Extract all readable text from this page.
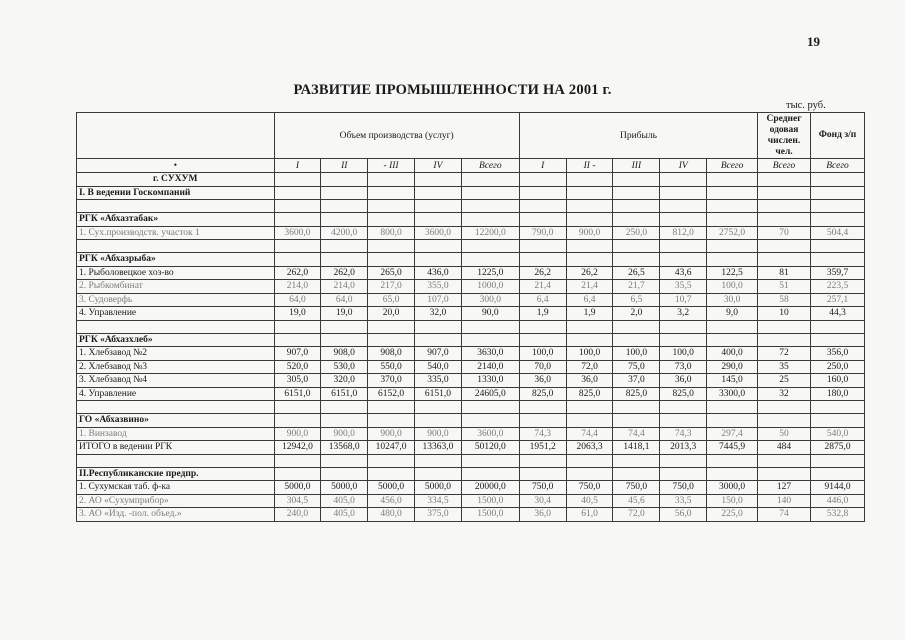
19
РАЗВИТИЕ ПРОМЫШЛЕННОСТИ НА 2001 г.
тыс. руб.
	Объем производства (услуг)					Прибыль					Среднег одовая числен. чел.	Фонд з/п
•	I	II	- III	IV	Всего	I	II -	III	IV	Всего	Всего	Всего
г. СУХУМ												
I. В ведении Госкомпаний												

РГК «Абхазтабак»												
1. Сух.производств. участок 1	3600,0	4200,0	800,0	3600,0	12200,0	790,0	900,0	250,0	812,0	2752,0	70	504,4

РГК «Абхазрыба»												
1. Рыболовецкое хоз-во	262,0	262,0	265,0	436,0	1225,0	26,2	26,2	26,5	43,6	122,5	81	359,7
2. Рыбкомбинат	214,0	214,0	217,0	355,0	1000,0	21,4	21,4	21,7	35,5	100,0	51	223,5
3. Судоверфь	64,0	64,0	65,0	107,0	300,0	6,4	6,4	6,5	10,7	30,0	58	257,1
4. Управление	19,0	19,0	20,0	32,0	90,0	1,9	1,9	2,0	3,2	9,0	10	44,3

РГК «Абхазхлеб»												
1. Хлебзавод №2	907,0	908,0	908,0	907,0	3630,0	100,0	100,0	100,0	100,0	400,0	72	356,0
2. Хлебзавод №3	520,0	530,0	550,0	540,0	2140,0	70,0	72,0	75,0	73,0	290,0	35	250,0
3. Хлебзавод №4	305,0	320,0	370,0	335,0	1330,0	36,0	36,0	37,0	36,0	145,0	25	160,0
4. Управление	6151,0	6151,0	6152,0	6151,0	24605,0	825,0	825,0	825,0	825,0	3300,0	32	180,0

ГО «Абхазвино»												
1. Винзавод	900,0	900,0	900,0	900,0	3600,0	74,3	74,4	74,4	74,3	297,4	50	540,0
ИТОГО в ведении РГК	12942,0	13568,0	10247,0	13363,0	50120,0	1951,2	2063,3	1418,1	2013,3	7445,9	484	2875,0

II.Республиканские предпр.												
1. Сухумская таб. ф-ка	5000,0	5000,0	5000,0	5000,0	20000,0	750,0	750,0	750,0	750,0	3000,0	127	9144,0
2. АО «Сухумприбор»	304,5	405,0	456,0	334,5	1500,0	30,4	40,5	45,6	33,5	150,0	140	446,0
3. АО «Изд. -пол. объед.»	240,0	405,0	480,0	375,0	1500,0	36,0	61,0	72,0	56,0	225,0	74	532,8
